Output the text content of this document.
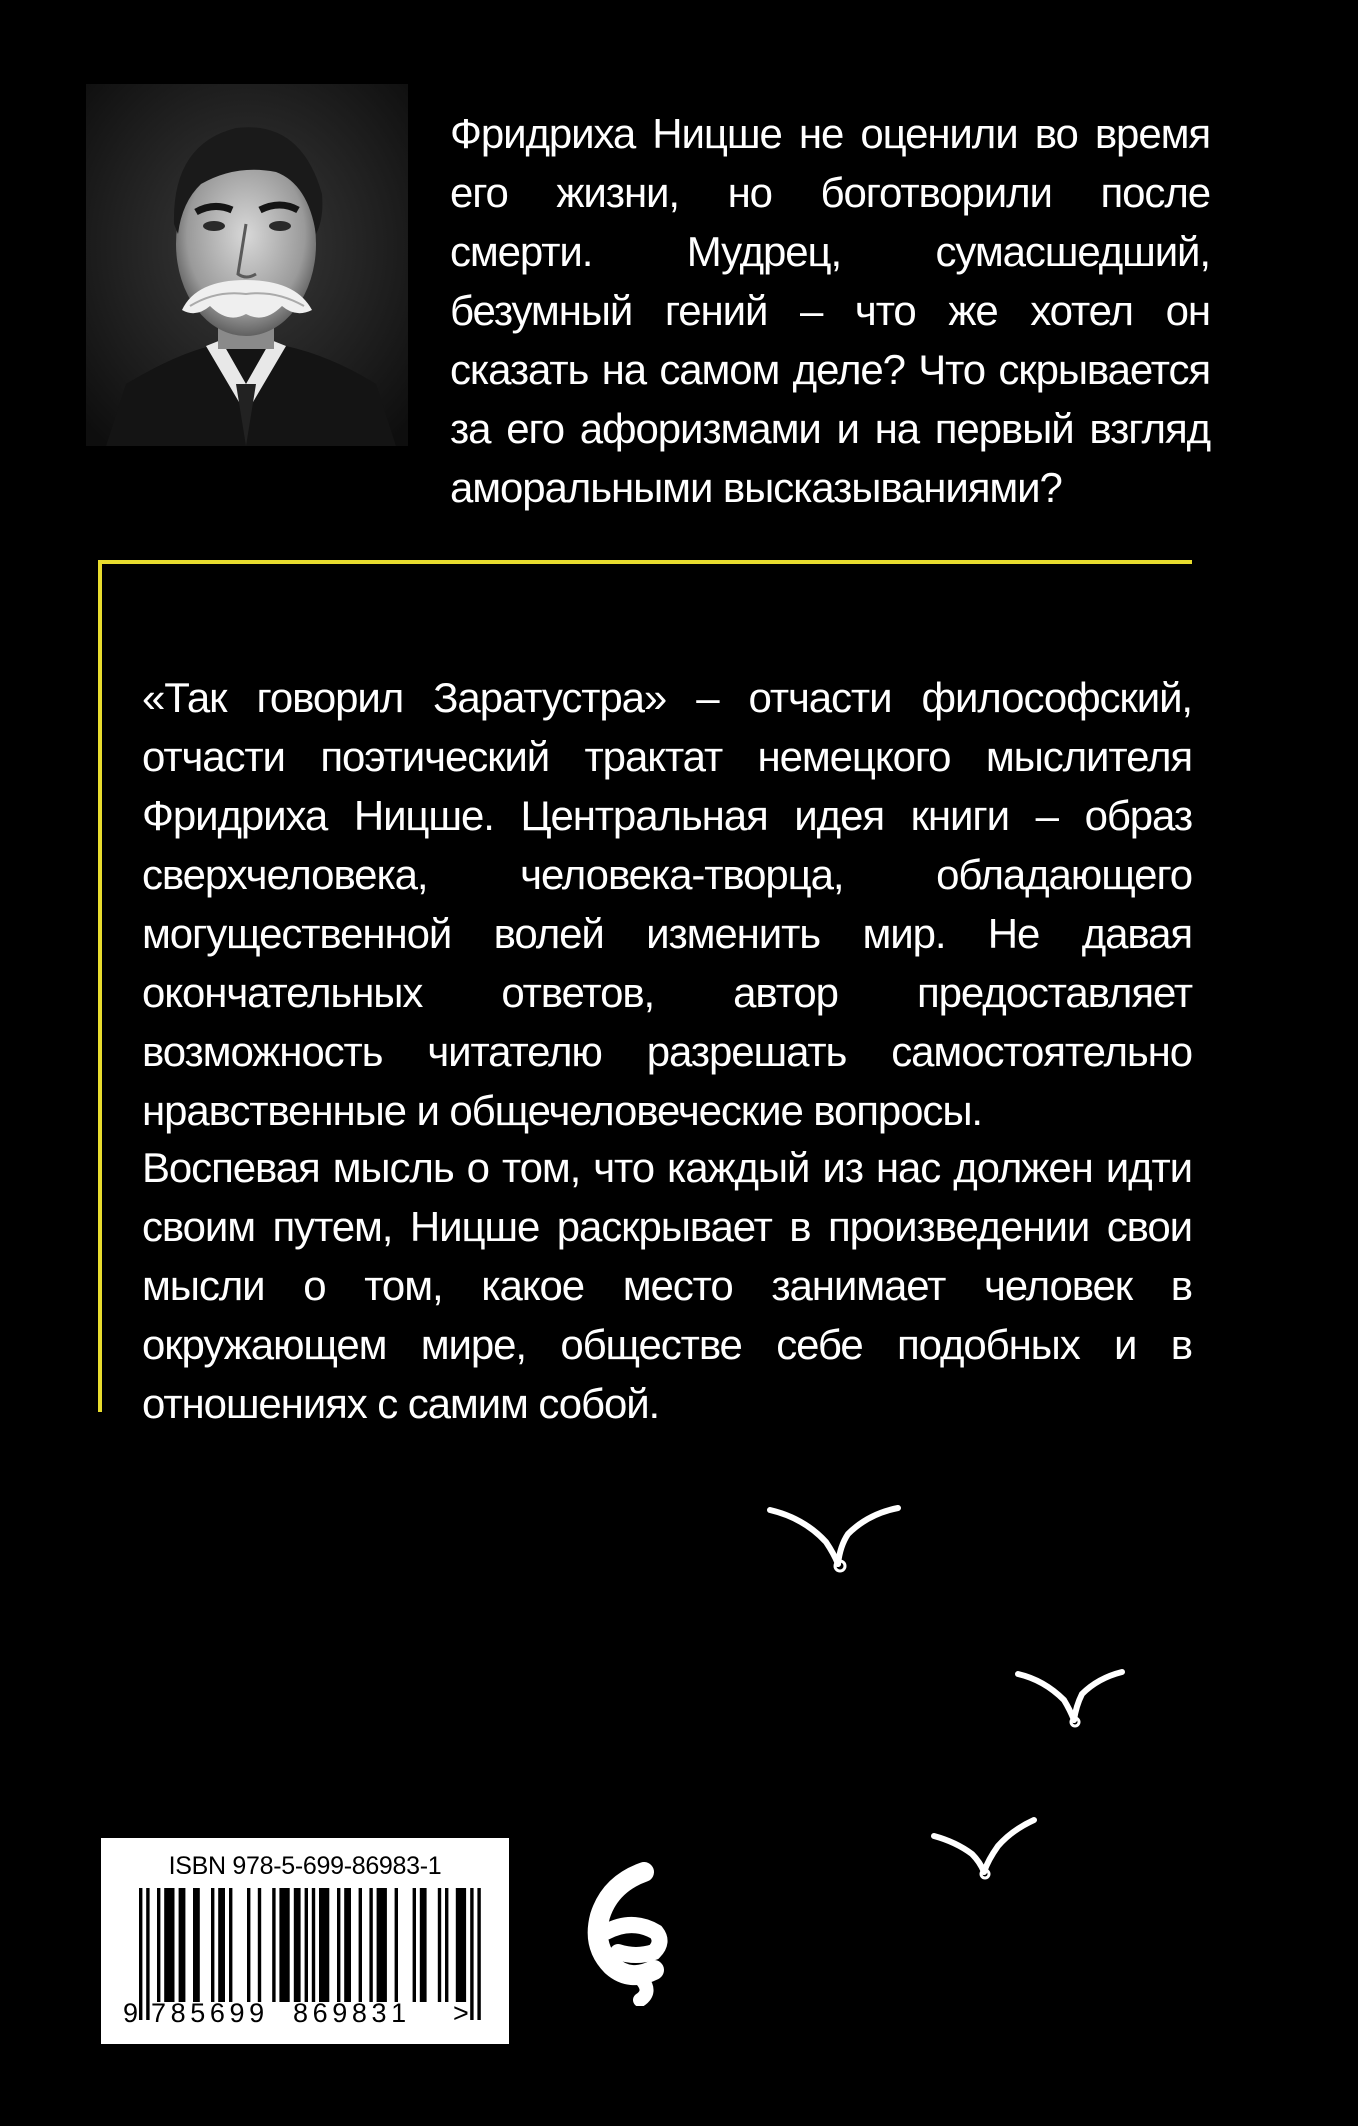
Фридриха Ницше не оценили во время его жизни, но боготворили после смерти. Мудрец, сумасшедший, безумный гений – что же хотел он сказать на самом деле? Что скрывается за его афоризмами и на первый взгляд аморальными высказываниями?

«Так говорил Заратустра» – отчасти философский, отчасти поэтический трактат немецкого мыслителя Фридриха Ницше. Центральная идея книги – образ сверхчеловека, человека-творца, обладающего могущественной волей изменить мир. Не давая окончательных ответов, автор предоставляет возможность читателю разрешать самостоятельно нравственные и общечеловеческие вопросы.

Воспевая мысль о том, что каждый из нас должен идти своим путем, Ницше раскрывает в произведении свои мысли о том, какое место занимает человек в окружающем мире, обществе себе подобных и в отношениях с самим собой.

ISBN 978-5-699-86983-1
9 785699 869831 >
